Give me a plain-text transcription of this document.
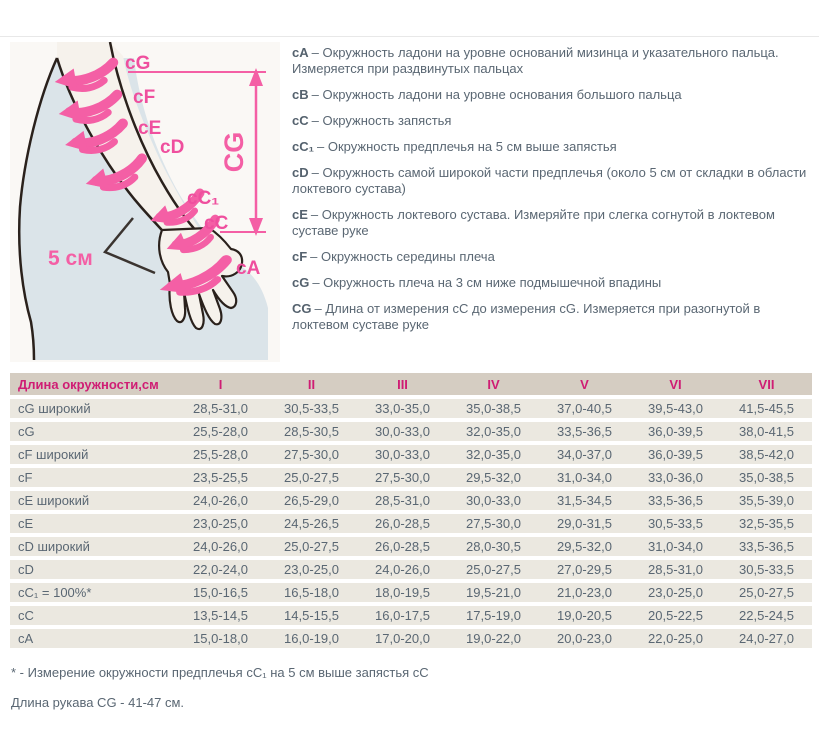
cG
cF
cE
cD
cC₁
cC
cA
CG
5 см
cA – Окружность ладони на уровне оснований мизинца и указательного пальца. Измеряется при раздвинутых пальцах
cB – Окружность ладони на уровне основания большого пальца
cC – Окружность запястья
cC₁ – Окружность предплечья на 5 см выше запястья
cD – Окружность самой широкой части предплечья (около 5 см от складки в области локтевого сустава)
cE – Окружность локтевого сустава. Измеряйте при слегка согнутой в локтевом суставе руке
cF – Окружность середины плеча
cG – Окружность плеча на 3 см ниже подмышечной впадины
CG – Длина от измерения cC до измерения cG. Измеряется при разогнутой в локтевом суставе руке
Длина окружности,см	I	II	III	IV	V	VI	VII
cG широкий	28,5-31,0	30,5-33,5	33,0-35,0	35,0-38,5	37,0-40,5	39,5-43,0	41,5-45,5
cG	25,5-28,0	28,5-30,5	30,0-33,0	32,0-35,0	33,5-36,5	36,0-39,5	38,0-41,5
cF широкий	25,5-28,0	27,5-30,0	30,0-33,0	32,0-35,0	34,0-37,0	36,0-39,5	38,5-42,0
cF	23,5-25,5	25,0-27,5	27,5-30,0	29,5-32,0	31,0-34,0	33,0-36,0	35,0-38,5
cE широкий	24,0-26,0	26,5-29,0	28,5-31,0	30,0-33,0	31,5-34,5	33,5-36,5	35,5-39,0
cE	23,0-25,0	24,5-26,5	26,0-28,5	27,5-30,0	29,0-31,5	30,5-33,5	32,5-35,5
cD широкий	24,0-26,0	25,0-27,5	26,0-28,5	28,0-30,5	29,5-32,0	31,0-34,0	33,5-36,5
cD	22,0-24,0	23,0-25,0	24,0-26,0	25,0-27,5	27,0-29,5	28,5-31,0	30,5-33,5
cC₁ = 100%*	15,0-16,5	16,5-18,0	18,0-19,5	19,5-21,0	21,0-23,0	23,0-25,0	25,0-27,5
cC	13,5-14,5	14,5-15,5	16,0-17,5	17,5-19,0	19,0-20,5	20,5-22,5	22,5-24,5
cA	15,0-18,0	16,0-19,0	17,0-20,0	19,0-22,0	20,0-23,0	22,0-25,0	24,0-27,0
* - Измерение окружности предплечья cC₁ на 5 см выше запястья cC
Длина рукава CG - 41-47 см.
